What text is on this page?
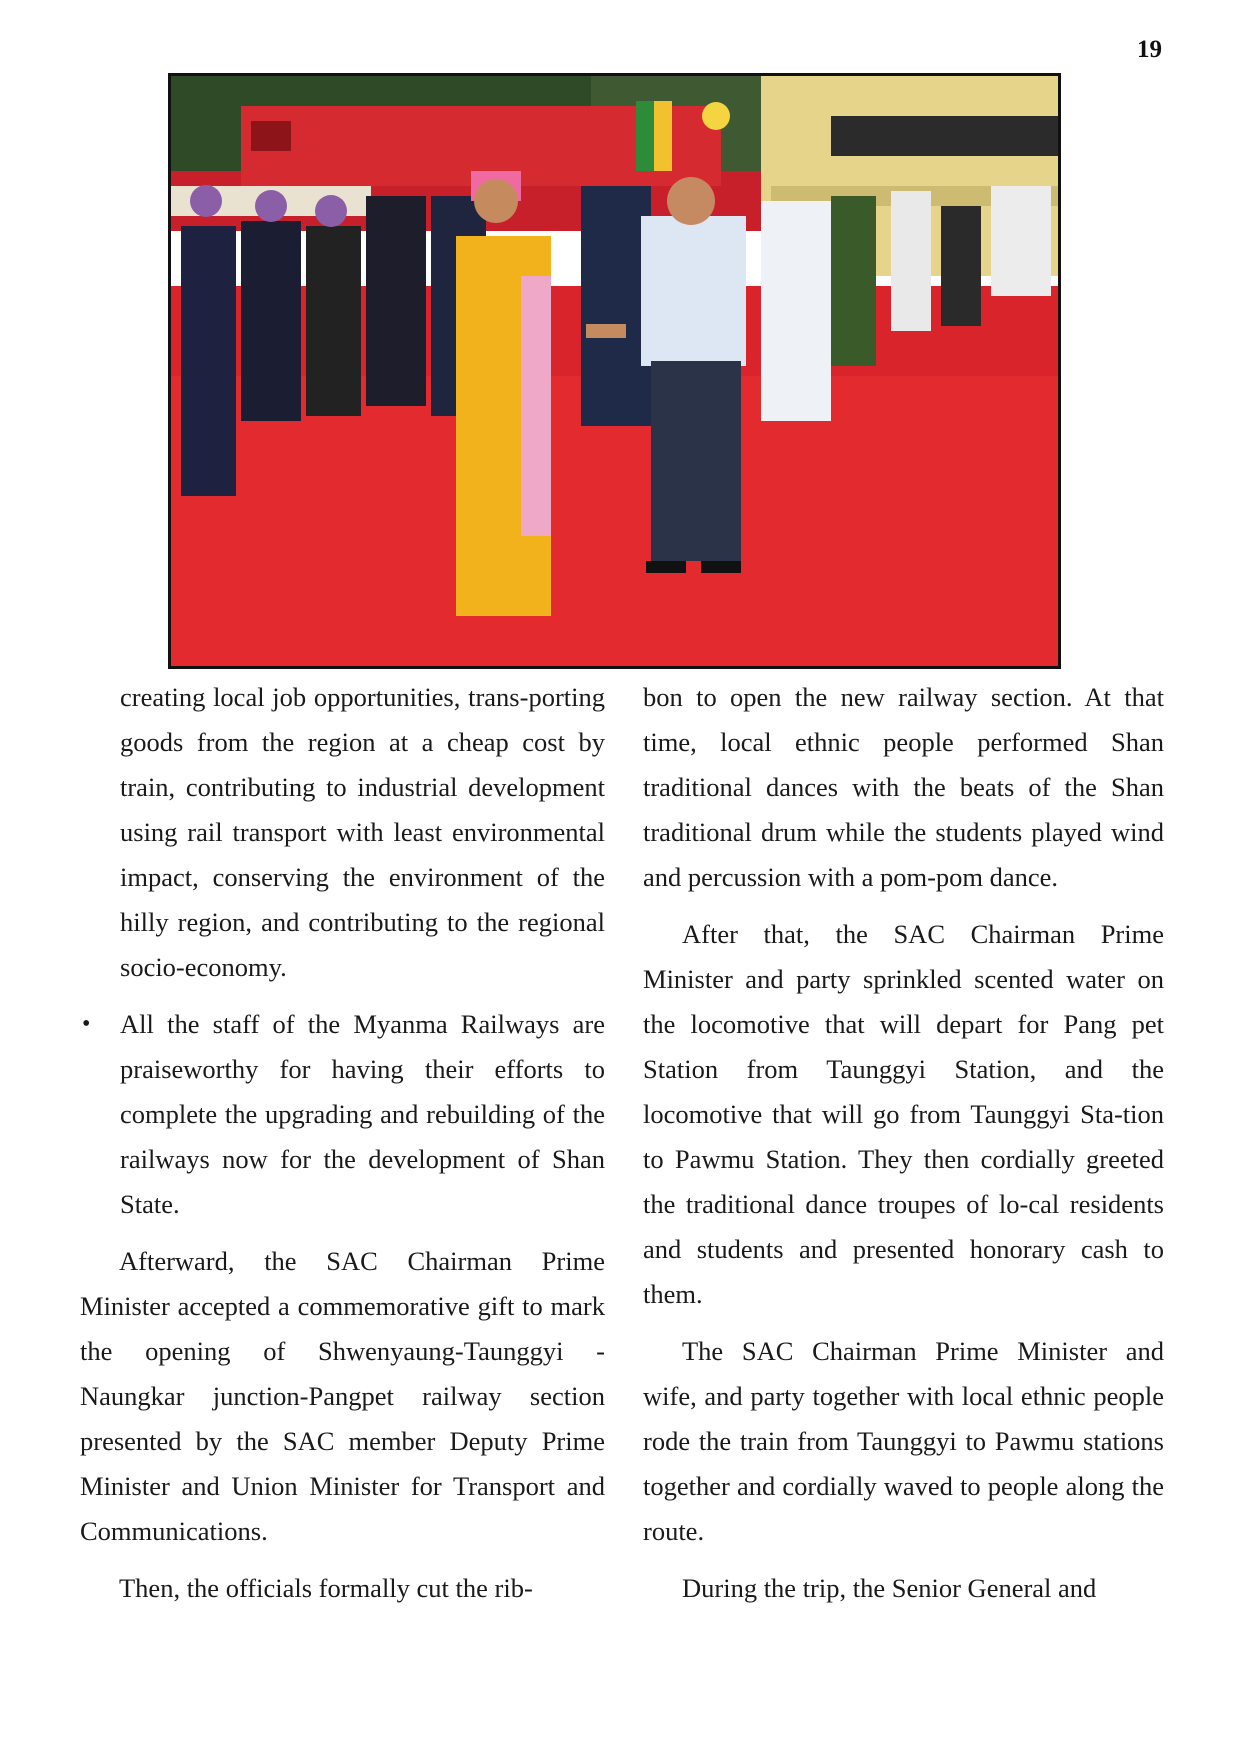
19

creating local job opportunities, trans-porting goods from the region at a cheap cost by train, contributing to industrial development using rail transport with least environmental impact, conserving the environment of the hilly region, and contributing to the regional socio-economy.

• All the staff of the Myanma Railways are praiseworthy for having their efforts to complete the upgrading and rebuilding of the railways now for the development of Shan State.

Afterward, the SAC Chairman Prime Minister accepted a commemorative gift to mark the opening of Shwenyaung-Taunggyi -Naungkar junction-Pangpet railway section presented by the SAC member Deputy Prime Minister and Union Minister for Transport and Communications.

Then, the officials formally cut the rib-

bon to open the new railway section. At that time, local ethnic people performed Shan traditional dances with the beats of the Shan traditional drum while the students played wind and percussion with a pom-pom dance.

After that, the SAC Chairman Prime Minister and party sprinkled scented water on the locomotive that will depart for Pang pet Station from Taunggyi Station, and the locomotive that will go from Taunggyi Sta-tion to Pawmu Station. They then cordially greeted the traditional dance troupes of lo-cal residents and students and presented honorary cash to them.

The SAC Chairman Prime Minister and wife, and party together with local ethnic people rode the train from Taunggyi to Pawmu stations together and cordially waved to people along the route.

During the trip, the Senior General and
